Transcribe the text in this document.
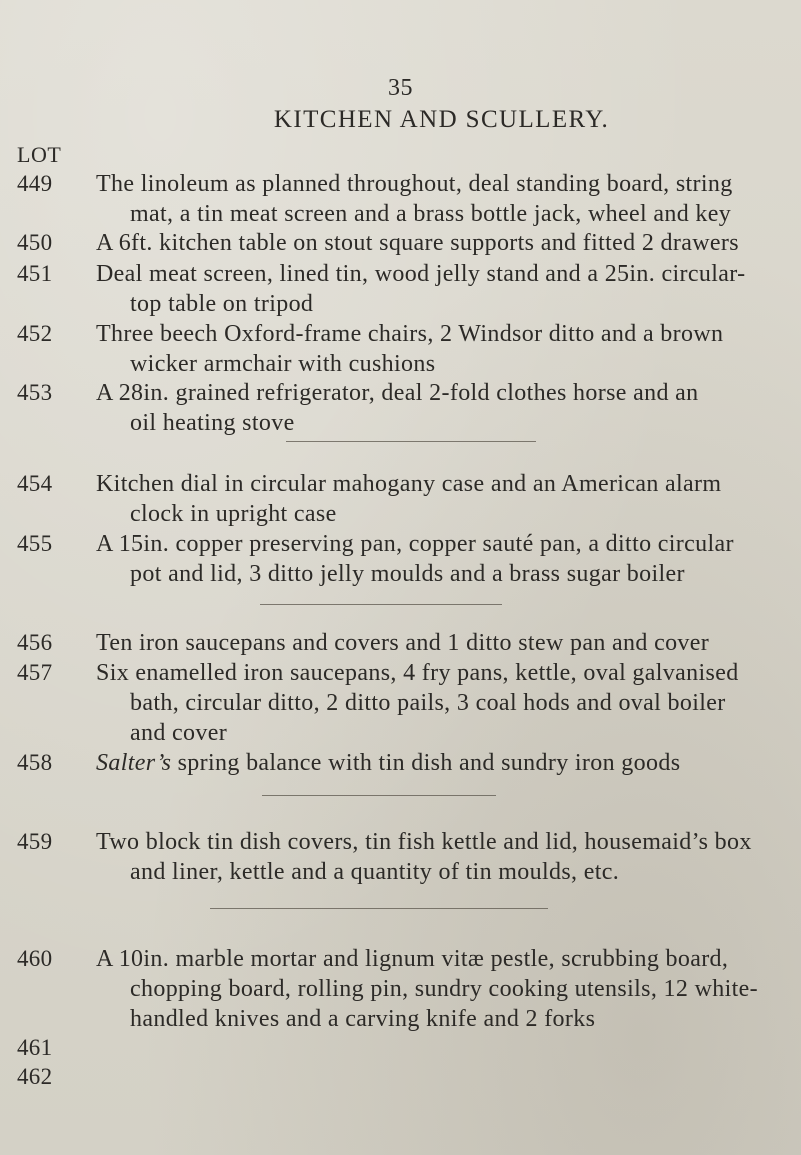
35
KITCHEN AND SCULLERY.
LOT
449 The linoleum as planned throughout, deal standing board, string
mat, a tin meat screen and a brass bottle jack, wheel and key
450 A 6ft. kitchen table on stout square supports and fitted 2 drawers
451 Deal meat screen, lined tin, wood jelly stand and a 25in. circular-
top table on tripod
452 Three beech Oxford-frame chairs, 2 Windsor ditto and a brown
wicker armchair with cushions
453 A 28in. grained refrigerator, deal 2-fold clothes horse and an
oil heating stove
454 Kitchen dial in circular mahogany case and an American alarm
clock in upright case
455 A 15in. copper preserving pan, copper sauté pan, a ditto circular
pot and lid, 3 ditto jelly moulds and a brass sugar boiler
456 Ten iron saucepans and covers and 1 ditto stew pan and cover
457 Six enamelled iron saucepans, 4 fry pans, kettle, oval galvanised
bath, circular ditto, 2 ditto pails, 3 coal hods and oval boiler
and cover
458 Salter’s spring balance with tin dish and sundry iron goods
459 Two block tin dish covers, tin fish kettle and lid, housemaid’s box
and liner, kettle and a quantity of tin moulds, etc.
460 A 10in. marble mortar and lignum vitæ pestle, scrubbing board,
chopping board, rolling pin, sundry cooking utensils, 12 white-
handled knives and a carving knife and 2 forks
461
462
